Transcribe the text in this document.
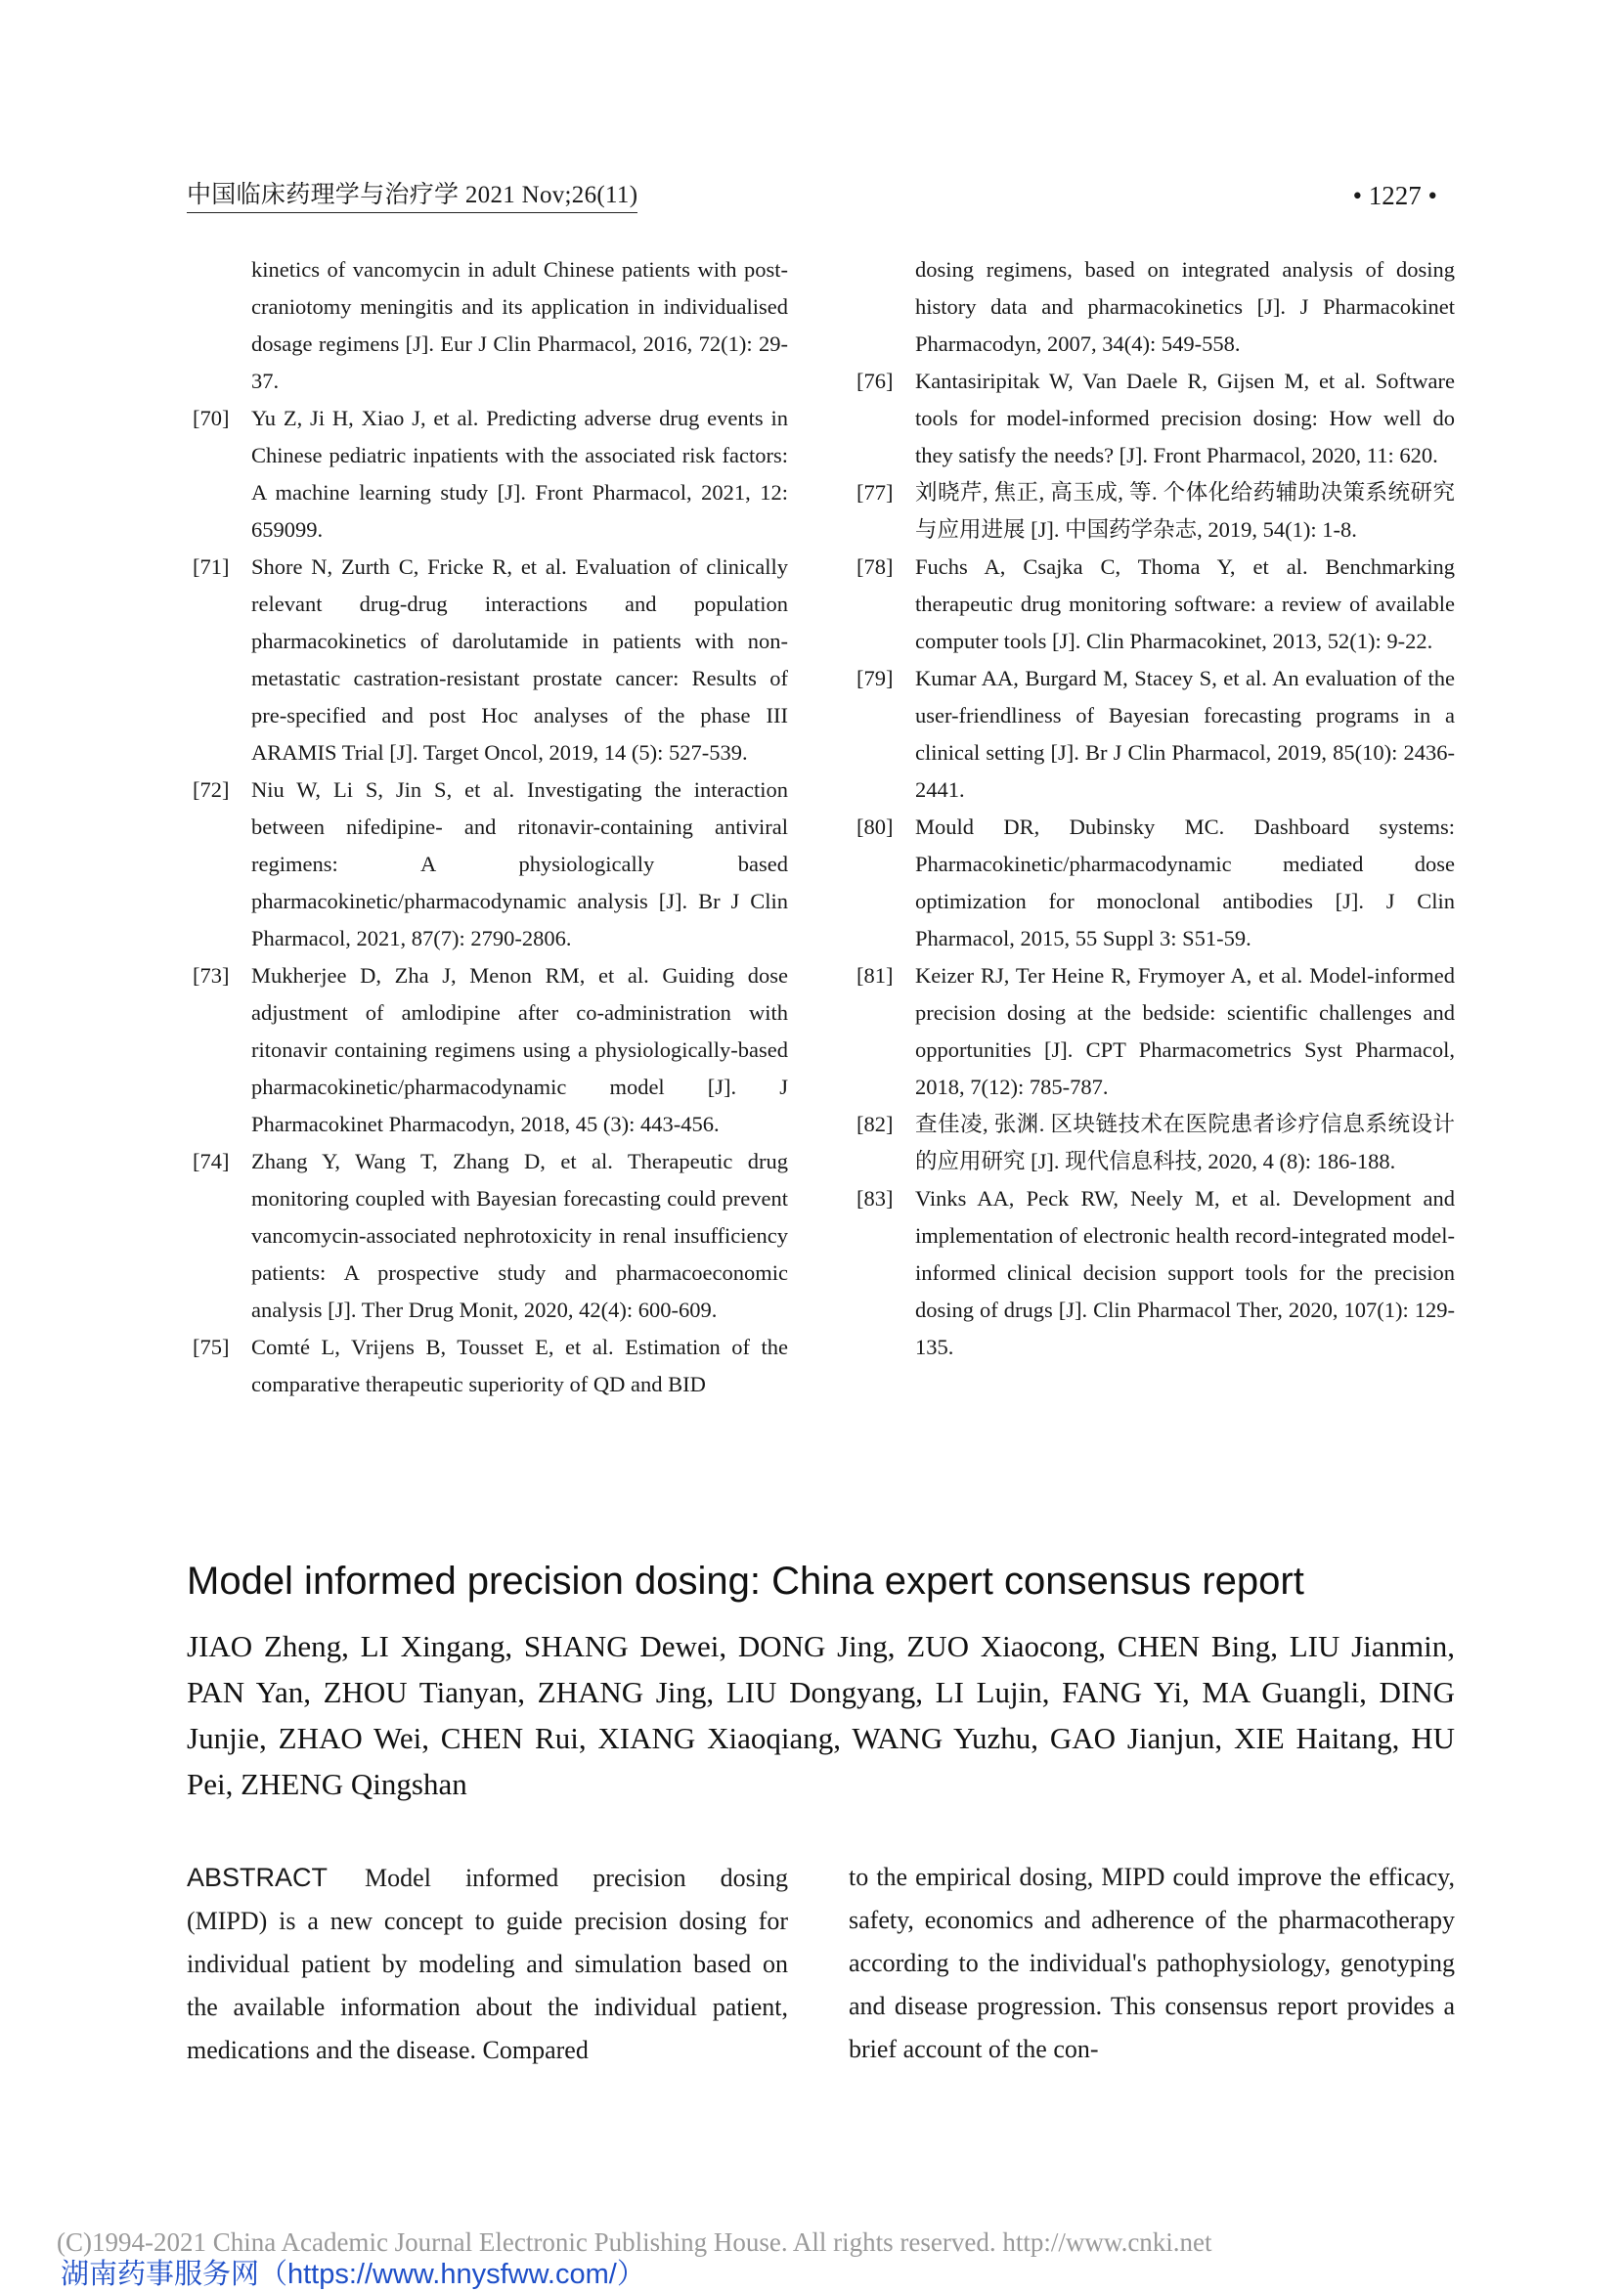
中国临床药理学与治疗学 2021 Nov;26(11)	• 1227 •
kinetics of vancomycin in adult Chinese patients with post-craniotomy meningitis and its application in individualised dosage regimens [J]. Eur J Clin Pharmacol, 2016, 72(1): 29-37.
[70] Yu Z, Ji H, Xiao J, et al. Predicting adverse drug events in Chinese pediatric inpatients with the associated risk factors: A machine learning study [J]. Front Pharmacol, 2021, 12: 659099.
[71] Shore N, Zurth C, Fricke R, et al. Evaluation of clinically relevant drug-drug interactions and population pharmacokinetics of darolutamide in patients with non-metastatic castration-resistant prostate cancer: Results of pre-specified and post Hoc analyses of the phase III ARAMIS Trial [J]. Target Oncol, 2019, 14 (5): 527-539.
[72] Niu W, Li S, Jin S, et al. Investigating the interaction between nifedipine- and ritonavir-containing antiviral regimens: A physiologically based pharmacokinetic/pharmacodynamic analysis [J]. Br J Clin Pharmacol, 2021, 87(7): 2790-2806.
[73] Mukherjee D, Zha J, Menon RM, et al. Guiding dose adjustment of amlodipine after co-administration with ritonavir containing regimens using a physiologically-based pharmacokinetic/pharmacodynamic model [J]. J Pharmacokinet Pharmacodyn, 2018, 45 (3): 443-456.
[74] Zhang Y, Wang T, Zhang D, et al. Therapeutic drug monitoring coupled with Bayesian forecasting could prevent vancomycin-associated nephrotoxicity in renal insufficiency patients: A prospective study and pharmacoeconomic analysis [J]. Ther Drug Monit, 2020, 42(4): 600-609.
[75] Comté L, Vrijens B, Tousset E, et al. Estimation of the comparative therapeutic superiority of QD and BID
dosing regimens, based on integrated analysis of dosing history data and pharmacokinetics [J]. J Pharmacokinet Pharmacodyn, 2007, 34(4): 549-558.
[76] Kantasiripitak W, Van Daele R, Gijsen M, et al. Software tools for model-informed precision dosing: How well do they satisfy the needs? [J]. Front Pharmacol, 2020, 11: 620.
[77] 刘晓芹, 焦正, 高玉成, 等. 个体化给药辅助决策系统研究与应用进展 [J]. 中国药学杂志, 2019, 54(1): 1-8.
[78] Fuchs A, Csajka C, Thoma Y, et al. Benchmarking therapeutic drug monitoring software: a review of available computer tools [J]. Clin Pharmacokinet, 2013, 52(1): 9-22.
[79] Kumar AA, Burgard M, Stacey S, et al. An evaluation of the user-friendliness of Bayesian forecasting programs in a clinical setting [J]. Br J Clin Pharmacol, 2019, 85(10): 2436-2441.
[80] Mould DR, Dubinsky MC. Dashboard systems: Pharmacokinetic/pharmacodynamic mediated dose optimization for monoclonal antibodies [J]. J Clin Pharmacol, 2015, 55 Suppl 3: S51-59.
[81] Keizer RJ, Ter Heine R, Frymoyer A, et al. Model-informed precision dosing at the bedside: scientific challenges and opportunities [J]. CPT Pharmacometrics Syst Pharmacol, 2018, 7(12): 785-787.
[82] 查佳凌, 张渊. 区块链技术在医院患者诊疗信息系统设计的应用研究 [J]. 现代信息科技, 2020, 4 (8): 186-188.
[83] Vinks AA, Peck RW, Neely M, et al. Development and implementation of electronic health record-integrated model-informed clinical decision support tools for the precision dosing of drugs [J]. Clin Pharmacol Ther, 2020, 107(1): 129-135.
Model informed precision dosing: China expert consensus report
JIAO Zheng, LI Xingang, SHANG Dewei, DONG Jing, ZUO Xiaocong, CHEN Bing, LIU Jianmin, PAN Yan, ZHOU Tianyan, ZHANG Jing, LIU Dongyang, LI Lujin, FANG Yi, MA Guangli, DING Junjie, ZHAO Wei, CHEN Rui, XIANG Xiaoqiang, WANG Yuzhu, GAO Jianjun, XIE Haitang, HU Pei, ZHENG Qingshan
ABSTRACT Model informed precision dosing (MIPD) is a new concept to guide precision dosing for individual patient by modeling and simulation based on the available information about the individual patient, medications and the disease. Compared
to the empirical dosing, MIPD could improve the efficacy, safety, economics and adherence of the pharmacotherapy according to the individual's pathophysiology, genotyping and disease progression. This consensus report provides a brief account of the con-
(C)1994-2021 China Academic Journal Electronic Publishing House. All rights reserved. http://www.cnki.net
湖南药事服务网（https://www.hnysfww.com/）
